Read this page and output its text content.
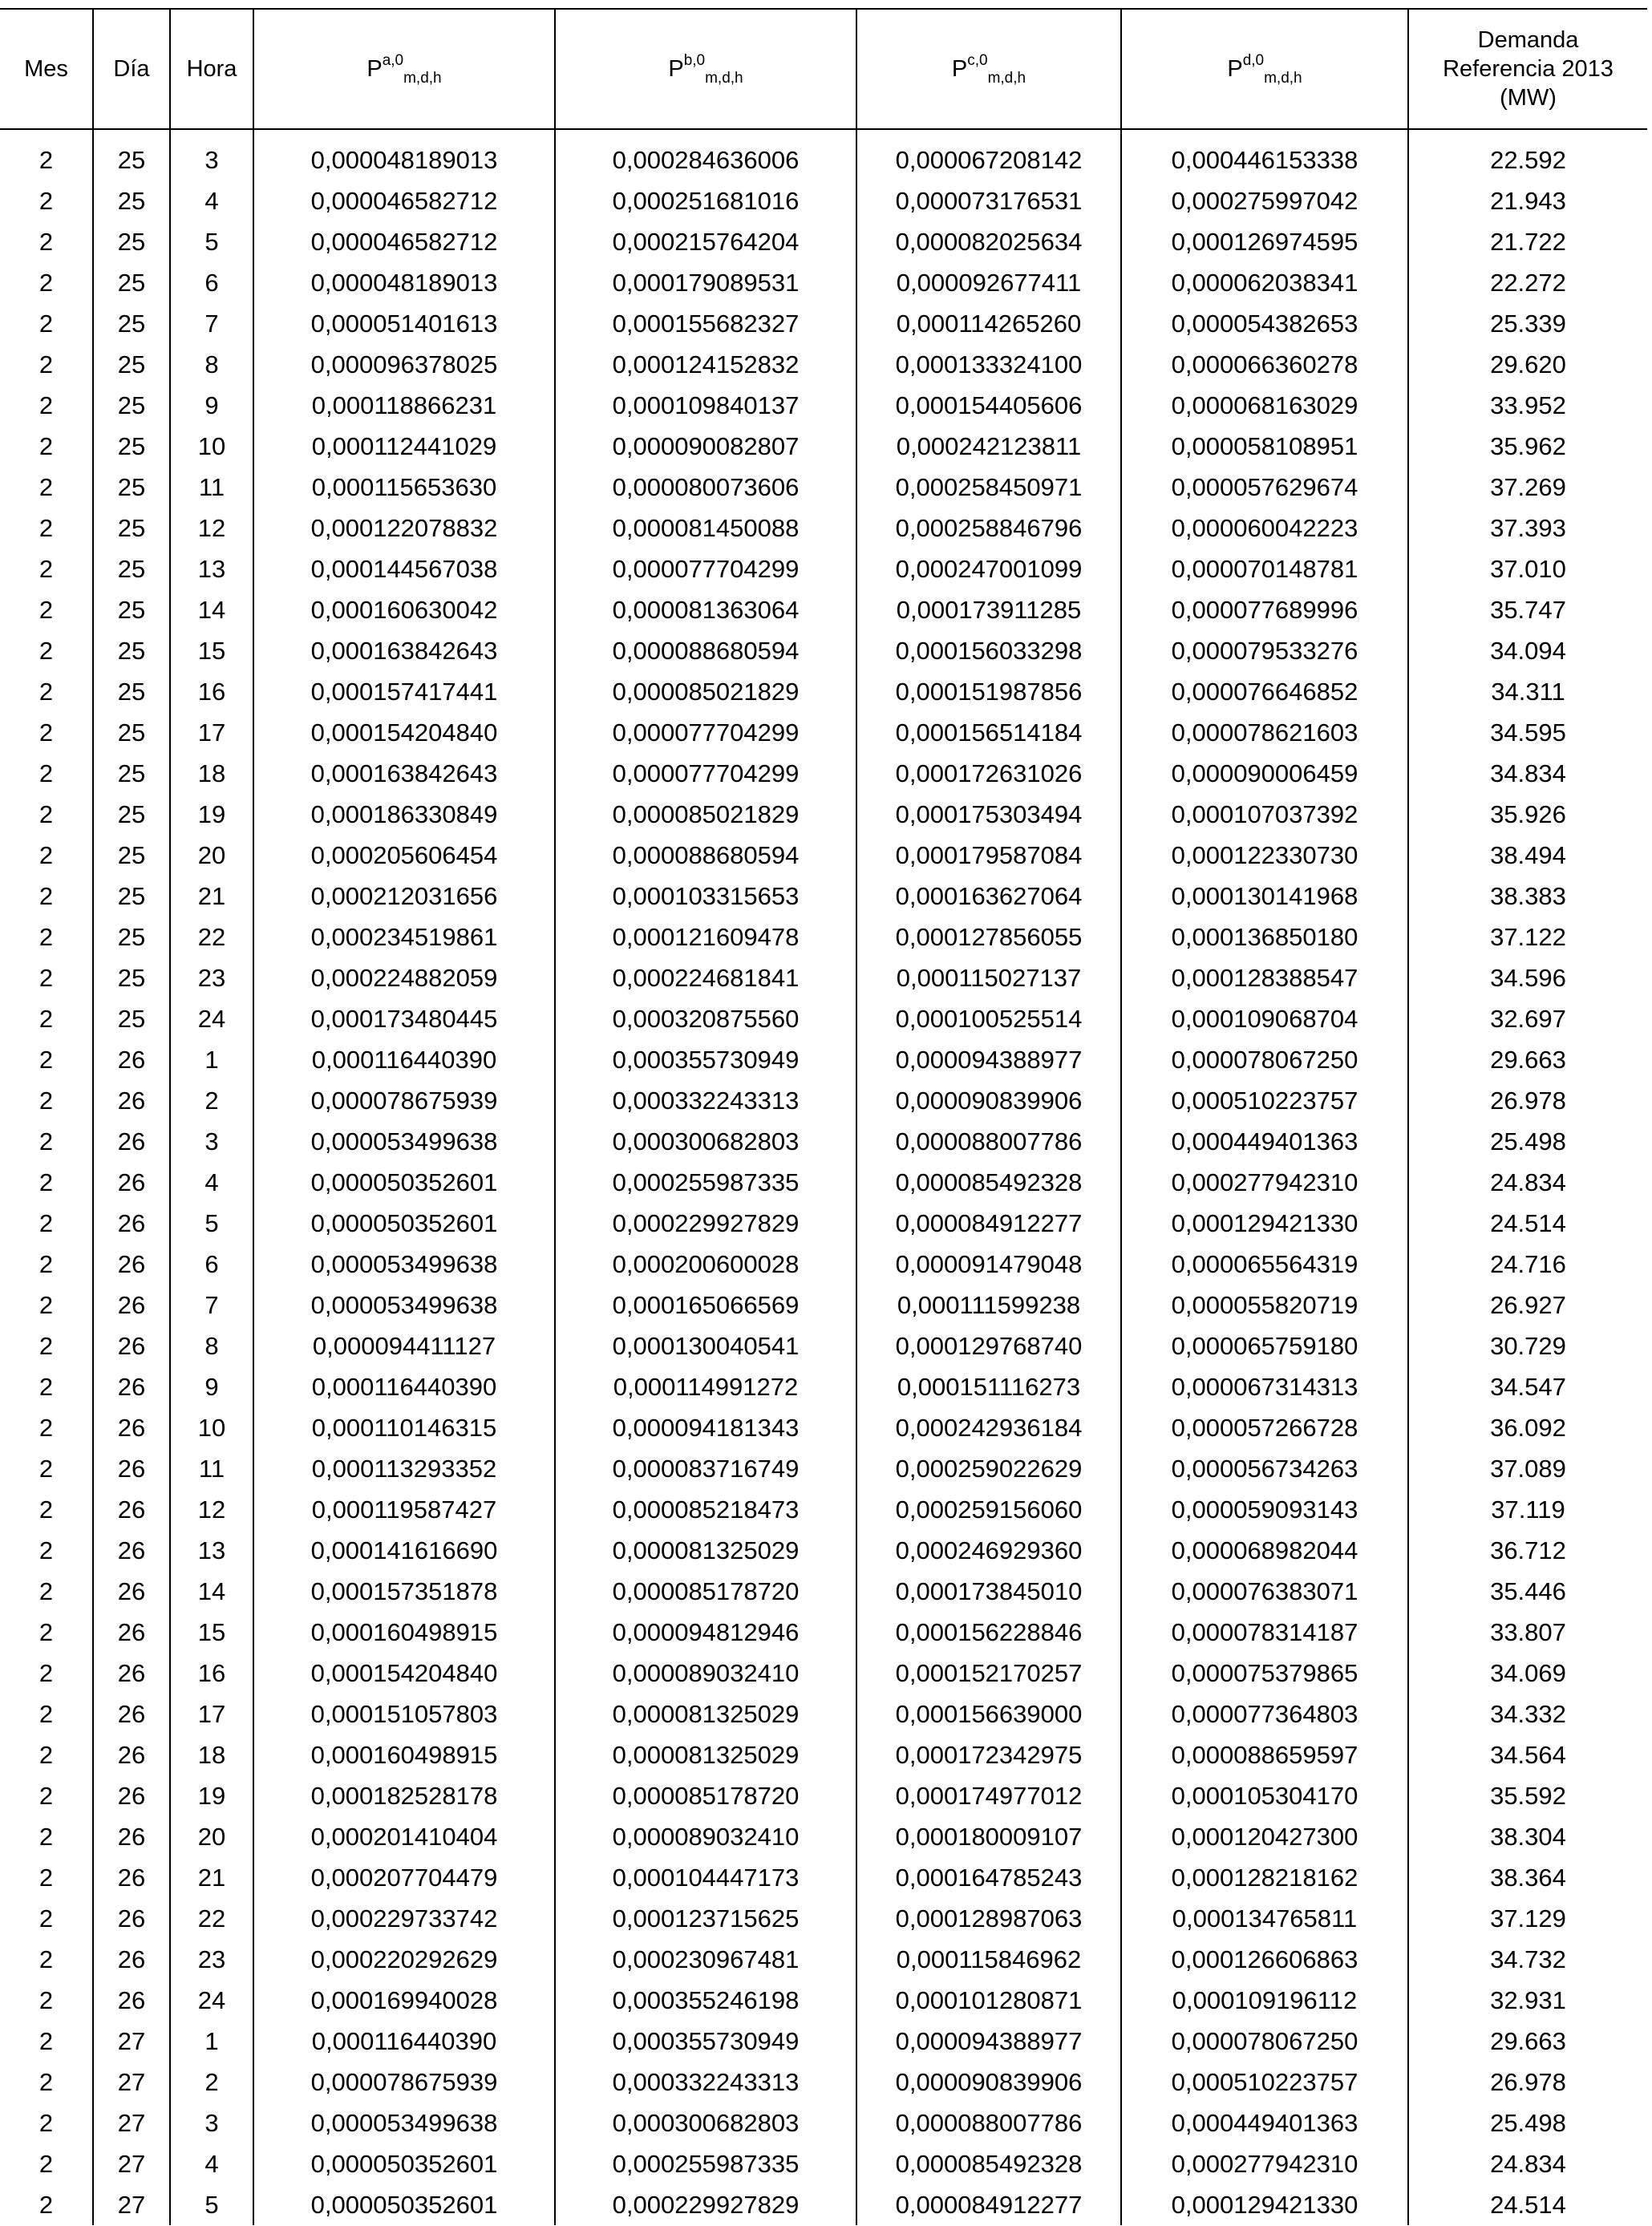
Mes	Día	Hora	P$^{a,0}_{m,d,h}$	P$^{b,0}_{m,d,h}$	P$^{c,0}_{m,d,h}$	P$^{d,0}_{m,d,h}$	Demanda
Referencia 2013
(MW)
2	25	3	0,000048189013	0,000284636006	0,000067208142	0,000446153338	22.592
2	25	4	0,000046582712	0,000251681016	0,000073176531	0,000275997042	21.943
2	25	5	0,000046582712	0,000215764204	0,000082025634	0,000126974595	21.722
2	25	6	0,000048189013	0,000179089531	0,000092677411	0,000062038341	22.272
2	25	7	0,000051401613	0,000155682327	0,000114265260	0,000054382653	25.339
2	25	8	0,000096378025	0,000124152832	0,000133324100	0,000066360278	29.620
2	25	9	0,000118866231	0,000109840137	0,000154405606	0,000068163029	33.952
2	25	10	0,000112441029	0,000090082807	0,000242123811	0,000058108951	35.962
2	25	11	0,000115653630	0,000080073606	0,000258450971	0,000057629674	37.269
2	25	12	0,000122078832	0,000081450088	0,000258846796	0,000060042223	37.393
2	25	13	0,000144567038	0,000077704299	0,000247001099	0,000070148781	37.010
2	25	14	0,000160630042	0,000081363064	0,000173911285	0,000077689996	35.747
2	25	15	0,000163842643	0,000088680594	0,000156033298	0,000079533276	34.094
2	25	16	0,000157417441	0,000085021829	0,000151987856	0,000076646852	34.311
2	25	17	0,000154204840	0,000077704299	0,000156514184	0,000078621603	34.595
2	25	18	0,000163842643	0,000077704299	0,000172631026	0,000090006459	34.834
2	25	19	0,000186330849	0,000085021829	0,000175303494	0,000107037392	35.926
2	25	20	0,000205606454	0,000088680594	0,000179587084	0,000122330730	38.494
2	25	21	0,000212031656	0,000103315653	0,000163627064	0,000130141968	38.383
2	25	22	0,000234519861	0,000121609478	0,000127856055	0,000136850180	37.122
2	25	23	0,000224882059	0,000224681841	0,000115027137	0,000128388547	34.596
2	25	24	0,000173480445	0,000320875560	0,000100525514	0,000109068704	32.697
2	26	1	0,000116440390	0,000355730949	0,000094388977	0,000078067250	29.663
2	26	2	0,000078675939	0,000332243313	0,000090839906	0,000510223757	26.978
2	26	3	0,000053499638	0,000300682803	0,000088007786	0,000449401363	25.498
2	26	4	0,000050352601	0,000255987335	0,000085492328	0,000277942310	24.834
2	26	5	0,000050352601	0,000229927829	0,000084912277	0,000129421330	24.514
2	26	6	0,000053499638	0,000200600028	0,000091479048	0,000065564319	24.716
2	26	7	0,000053499638	0,000165066569	0,000111599238	0,000055820719	26.927
2	26	8	0,000094411127	0,000130040541	0,000129768740	0,000065759180	30.729
2	26	9	0,000116440390	0,000114991272	0,000151116273	0,000067314313	34.547
2	26	10	0,000110146315	0,000094181343	0,000242936184	0,000057266728	36.092
2	26	11	0,000113293352	0,000083716749	0,000259022629	0,000056734263	37.089
2	26	12	0,000119587427	0,000085218473	0,000259156060	0,000059093143	37.119
2	26	13	0,000141616690	0,000081325029	0,000246929360	0,000068982044	36.712
2	26	14	0,000157351878	0,000085178720	0,000173845010	0,000076383071	35.446
2	26	15	0,000160498915	0,000094812946	0,000156228846	0,000078314187	33.807
2	26	16	0,000154204840	0,000089032410	0,000152170257	0,000075379865	34.069
2	26	17	0,000151057803	0,000081325029	0,000156639000	0,000077364803	34.332
2	26	18	0,000160498915	0,000081325029	0,000172342975	0,000088659597	34.564
2	26	19	0,000182528178	0,000085178720	0,000174977012	0,000105304170	35.592
2	26	20	0,000201410404	0,000089032410	0,000180009107	0,000120427300	38.304
2	26	21	0,000207704479	0,000104447173	0,000164785243	0,000128218162	38.364
2	26	22	0,000229733742	0,000123715625	0,000128987063	0,000134765811	37.129
2	26	23	0,000220292629	0,000230967481	0,000115846962	0,000126606863	34.732
2	26	24	0,000169940028	0,000355246198	0,000101280871	0,000109196112	32.931
2	27	1	0,000116440390	0,000355730949	0,000094388977	0,000078067250	29.663
2	27	2	0,000078675939	0,000332243313	0,000090839906	0,000510223757	26.978
2	27	3	0,000053499638	0,000300682803	0,000088007786	0,000449401363	25.498
2	27	4	0,000050352601	0,000255987335	0,000085492328	0,000277942310	24.834
2	27	5	0,000050352601	0,000229927829	0,000084912277	0,000129421330	24.514
